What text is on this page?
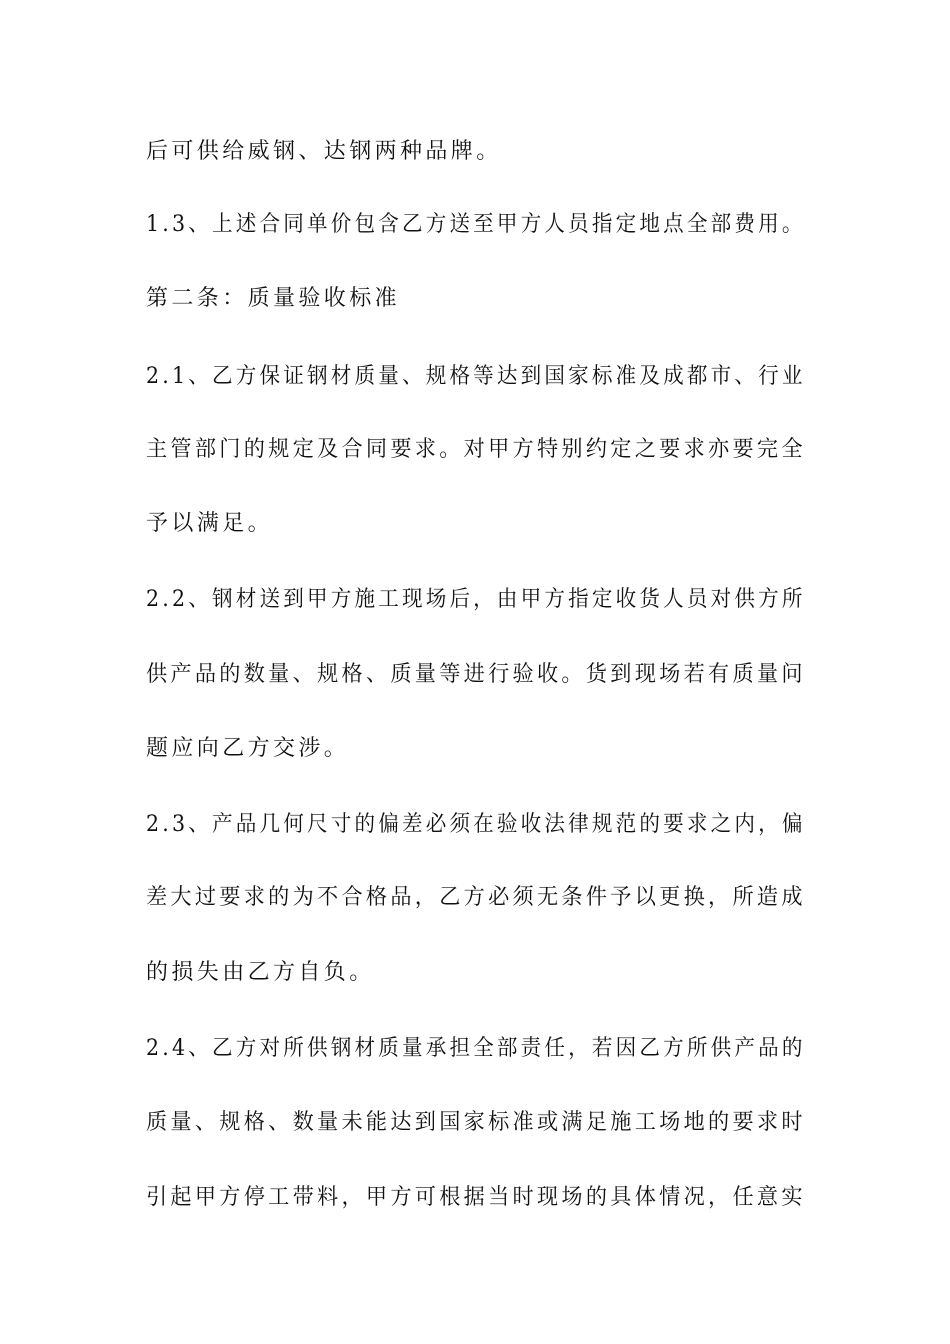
后可供给威钢、达钢两种品牌。
1.3、上述合同单价包含乙方送至甲方人员指定地点全部费用。
第二条：质量验收标准
2.1、乙方保证钢材质量、规格等达到国家标准及成都市、行业
主管部门的规定及合同要求。对甲方特别约定之要求亦要完全
予以满足。
2.2、钢材送到甲方施工现场后，由甲方指定收货人员对供方所
供产品的数量、规格、质量等进行验收。货到现场若有质量问
题应向乙方交涉。
2.3、产品几何尺寸的偏差必须在验收法律规范的要求之内，偏
差大过要求的为不合格品，乙方必须无条件予以更换，所造成
的损失由乙方自负。
2.4、乙方对所供钢材质量承担全部责任，若因乙方所供产品的
质量、规格、数量未能达到国家标准或满足施工场地的要求时
引起甲方停工带料，甲方可根据当时现场的具体情况，任意实
